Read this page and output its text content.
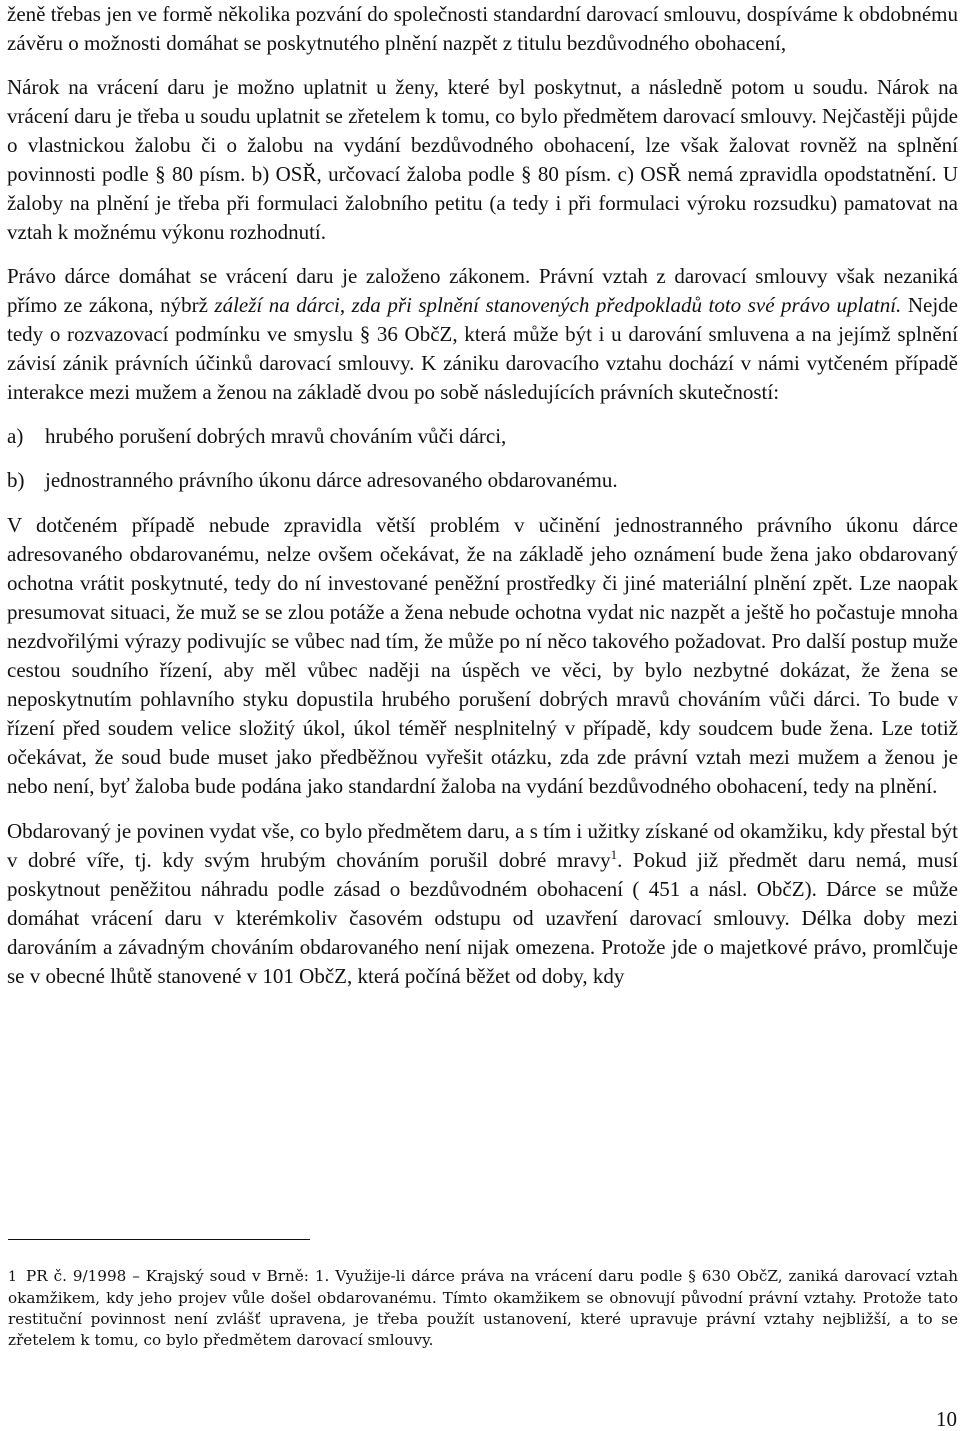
ženě třebas jen ve formě několika pozvání do společnosti standardní darovací smlouvu, dospíváme k obdobnému závěru o možnosti domáhat se poskytnutého plnění nazpět z titulu bezdůvodného obohacení,

Nárok na vrácení daru je možno uplatnit u ženy, které byl poskytnut, a následně potom u soudu. Nárok na vrácení daru je třeba u soudu uplatnit se zřetelem k tomu, co bylo předmětem darovací smlouvy. Nejčastěji půjde o vlastnickou žalobu či o žalobu na vydání bezdůvodného obohacení, lze však žalovat rovněž na splnění povinnosti podle § 80 písm. b) OSŘ, určovací žaloba podle § 80 písm. c) OSŘ nemá zpravidla opodstatnění. U žaloby na plnění je třeba při formulaci žalobního petitu (a tedy i při formulaci výroku rozsudku) pamatovat na vztah k možnému výkonu rozhodnutí.

Právo dárce domáhat se vrácení daru je založeno zákonem. Právní vztah z darovací smlouvy však nezaniká přímo ze zákona, nýbrž záleží na dárci, zda při splnění stanovených předpokladů toto své právo uplatní. Nejde tedy o rozvazovací podmínku ve smyslu § 36 ObčZ, která může být i u darování smluvena a na jejímž splnění závisí zánik právních účinků darovací smlouvy. K zániku darovacího vztahu dochází v námi vytčeném případě interakce mezi mužem a ženou na základě dvou po sobě následujících právních skutečností:

a) hrubého porušení dobrých mravů chováním vůči dárci,

b) jednostranného právního úkonu dárce adresovaného obdarovanému.

V dotčeném případě nebude zpravidla větší problém v učinění jednostranného právního úkonu dárce adresovaného obdarovanému, nelze ovšem očekávat, že na základě jeho oznámení bude žena jako obdarovaný ochotna vrátit poskytnuté, tedy do ní investované peněžní prostředky či jiné materiální plnění zpět. Lze naopak presumovat situaci, že muž se se zlou potáže a žena nebude ochotna vydat nic nazpět a ještě ho počastuje mnoha nezdvořilými výrazy podivujíc se vůbec nad tím, že může po ní něco takového požadovat. Pro další postup muže cestou soudního řízení, aby měl vůbec naději na úspěch ve věci, by bylo nezbytné dokázat, že žena se neposkytnutím pohlavního styku dopustila hrubého porušení dobrých mravů chováním vůči dárci. To bude v řízení před soudem velice složitý úkol, úkol téměř nesplnitelný v případě, kdy soudcem bude žena. Lze totiž očekávat, že soud bude muset jako předběžnou vyřešit otázku, zda zde právní vztah mezi mužem a ženou je nebo není, byť žaloba bude podána jako standardní žaloba na vydání bezdůvodného obohacení, tedy na plnění.

Obdarovaný je povinen vydat vše, co bylo předmětem daru, a s tím i užitky získané od okamžiku, kdy přestal být v dobré víře, tj. kdy svým hrubým chováním porušil dobré mravy$^1$. Pokud již předmět daru nemá, musí poskytnout peněžitou náhradu podle zásad o bezdůvodném obohacení ( 451 a násl. ObčZ). Dárce se může domáhat vrácení daru v kterémkoliv časovém odstupu od uzavření darovací smlouvy. Délka doby mezi darováním a závadným chováním obdarovaného není nijak omezena. Protože jde o majetkové právo, promlčuje se v obecné lhůtě stanovené v 101 ObčZ, která počíná běžet od doby, kdy

1 PR č. 9/1998 – Krajský soud v Brně: 1. Využije-li dárce práva na vrácení daru podle § 630 ObčZ, zaniká darovací vztah okamžikem, kdy jeho projev vůle došel obdarovanému. Tímto okamžikem se obnovují původní právní vztahy. Protože tato restituční povinnost není zvlášť upravena, je třeba použít ustanovení, které upravuje právní vztahy nejbližší, a to se zřetelem k tomu, co bylo předmětem darovací smlouvy.

10
